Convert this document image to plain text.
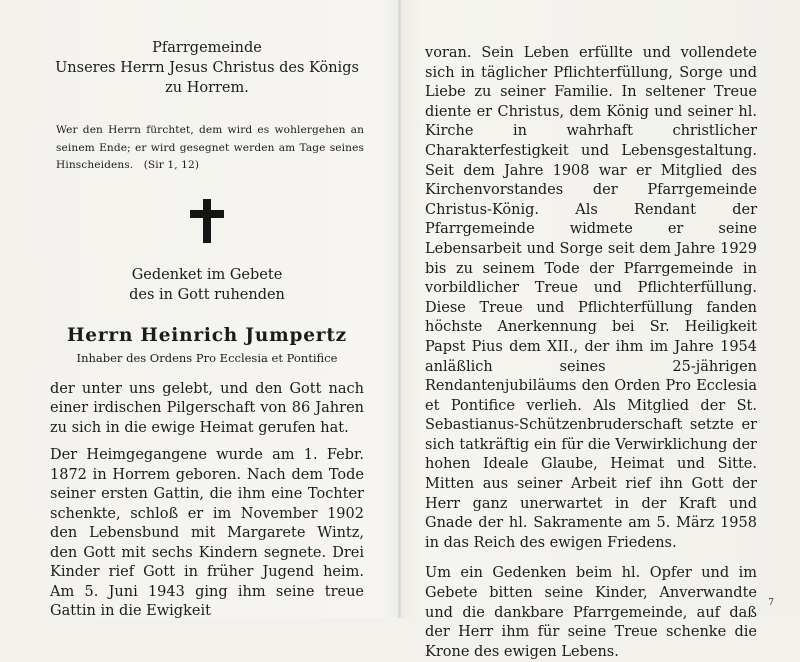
Pfarrgemeinde

Unseres Herrn Jesus Christus des Königs

zu Horrem.

Wer den Herrn fürchtet, dem wird es wohlergehen an seinem Ende; er wird gesegnet werden am Tage seines Hinscheidens. (Sir 1, 12)

Gedenket im Gebete

des in Gott ruhenden

Herrn Heinrich Jumpertz

Inhaber des Ordens Pro Ecclesia et Pontifice

der unter uns gelebt, und den Gott nach einer irdischen Pilgerschaft von 86 Jahren zu sich in die ewige Heimat gerufen hat.

Der Heimgegangene wurde am 1. Febr. 1872 in Horrem geboren. Nach dem Tode seiner ersten Gattin, die ihm eine Tochter schenkte, schloß er im November 1902 den Lebensbund mit Margarete Wintz, den Gott mit sechs Kindern segnete. Drei Kinder rief Gott in früher Jugend heim. Am 5. Juni 1943 ging ihm seine treue Gattin in die Ewigkeit

voran. Sein Leben erfüllte und vollendete sich in täglicher Pflichterfüllung, Sorge und Liebe zu seiner Familie. In seltener Treue diente er Christus, dem König und seiner hl. Kirche in wahrhaft christlicher Charakterfestigkeit und Lebensgestaltung. Seit dem Jahre 1908 war er Mitglied des Kirchenvorstandes der Pfarrgemeinde Christus-König. Als Rendant der Pfarrgemeinde widmete er seine Lebensarbeit und Sorge seit dem Jahre 1929 bis zu seinem Tode der Pfarrgemeinde in vorbildlicher Treue und Pflichterfüllung. Diese Treue und Pflichterfüllung fanden höchste Anerkennung bei Sr. Heiligkeit Papst Pius dem XII., der ihm im Jahre 1954 anläßlich seines 25-jährigen Rendantenjubiläums den Orden Pro Ecclesia et Pontifice verlieh. Als Mitglied der St. Sebastianus-Schützenbruderschaft setzte er sich tatkräftig ein für die Verwirklichung der hohen Ideale Glaube, Heimat und Sitte. Mitten aus seiner Arbeit rief ihn Gott der Herr ganz unerwartet in der Kraft und Gnade der hl. Sakramente am 5. März 1958 in das Reich des ewigen Friedens.

Um ein Gedenken beim hl. Opfer und im Gebete bitten seine Kinder, Anverwandte und die dankbare Pfarrgemeinde, auf daß der Herr ihm für seine Treue schenke die Krone des ewigen Lebens.

7
